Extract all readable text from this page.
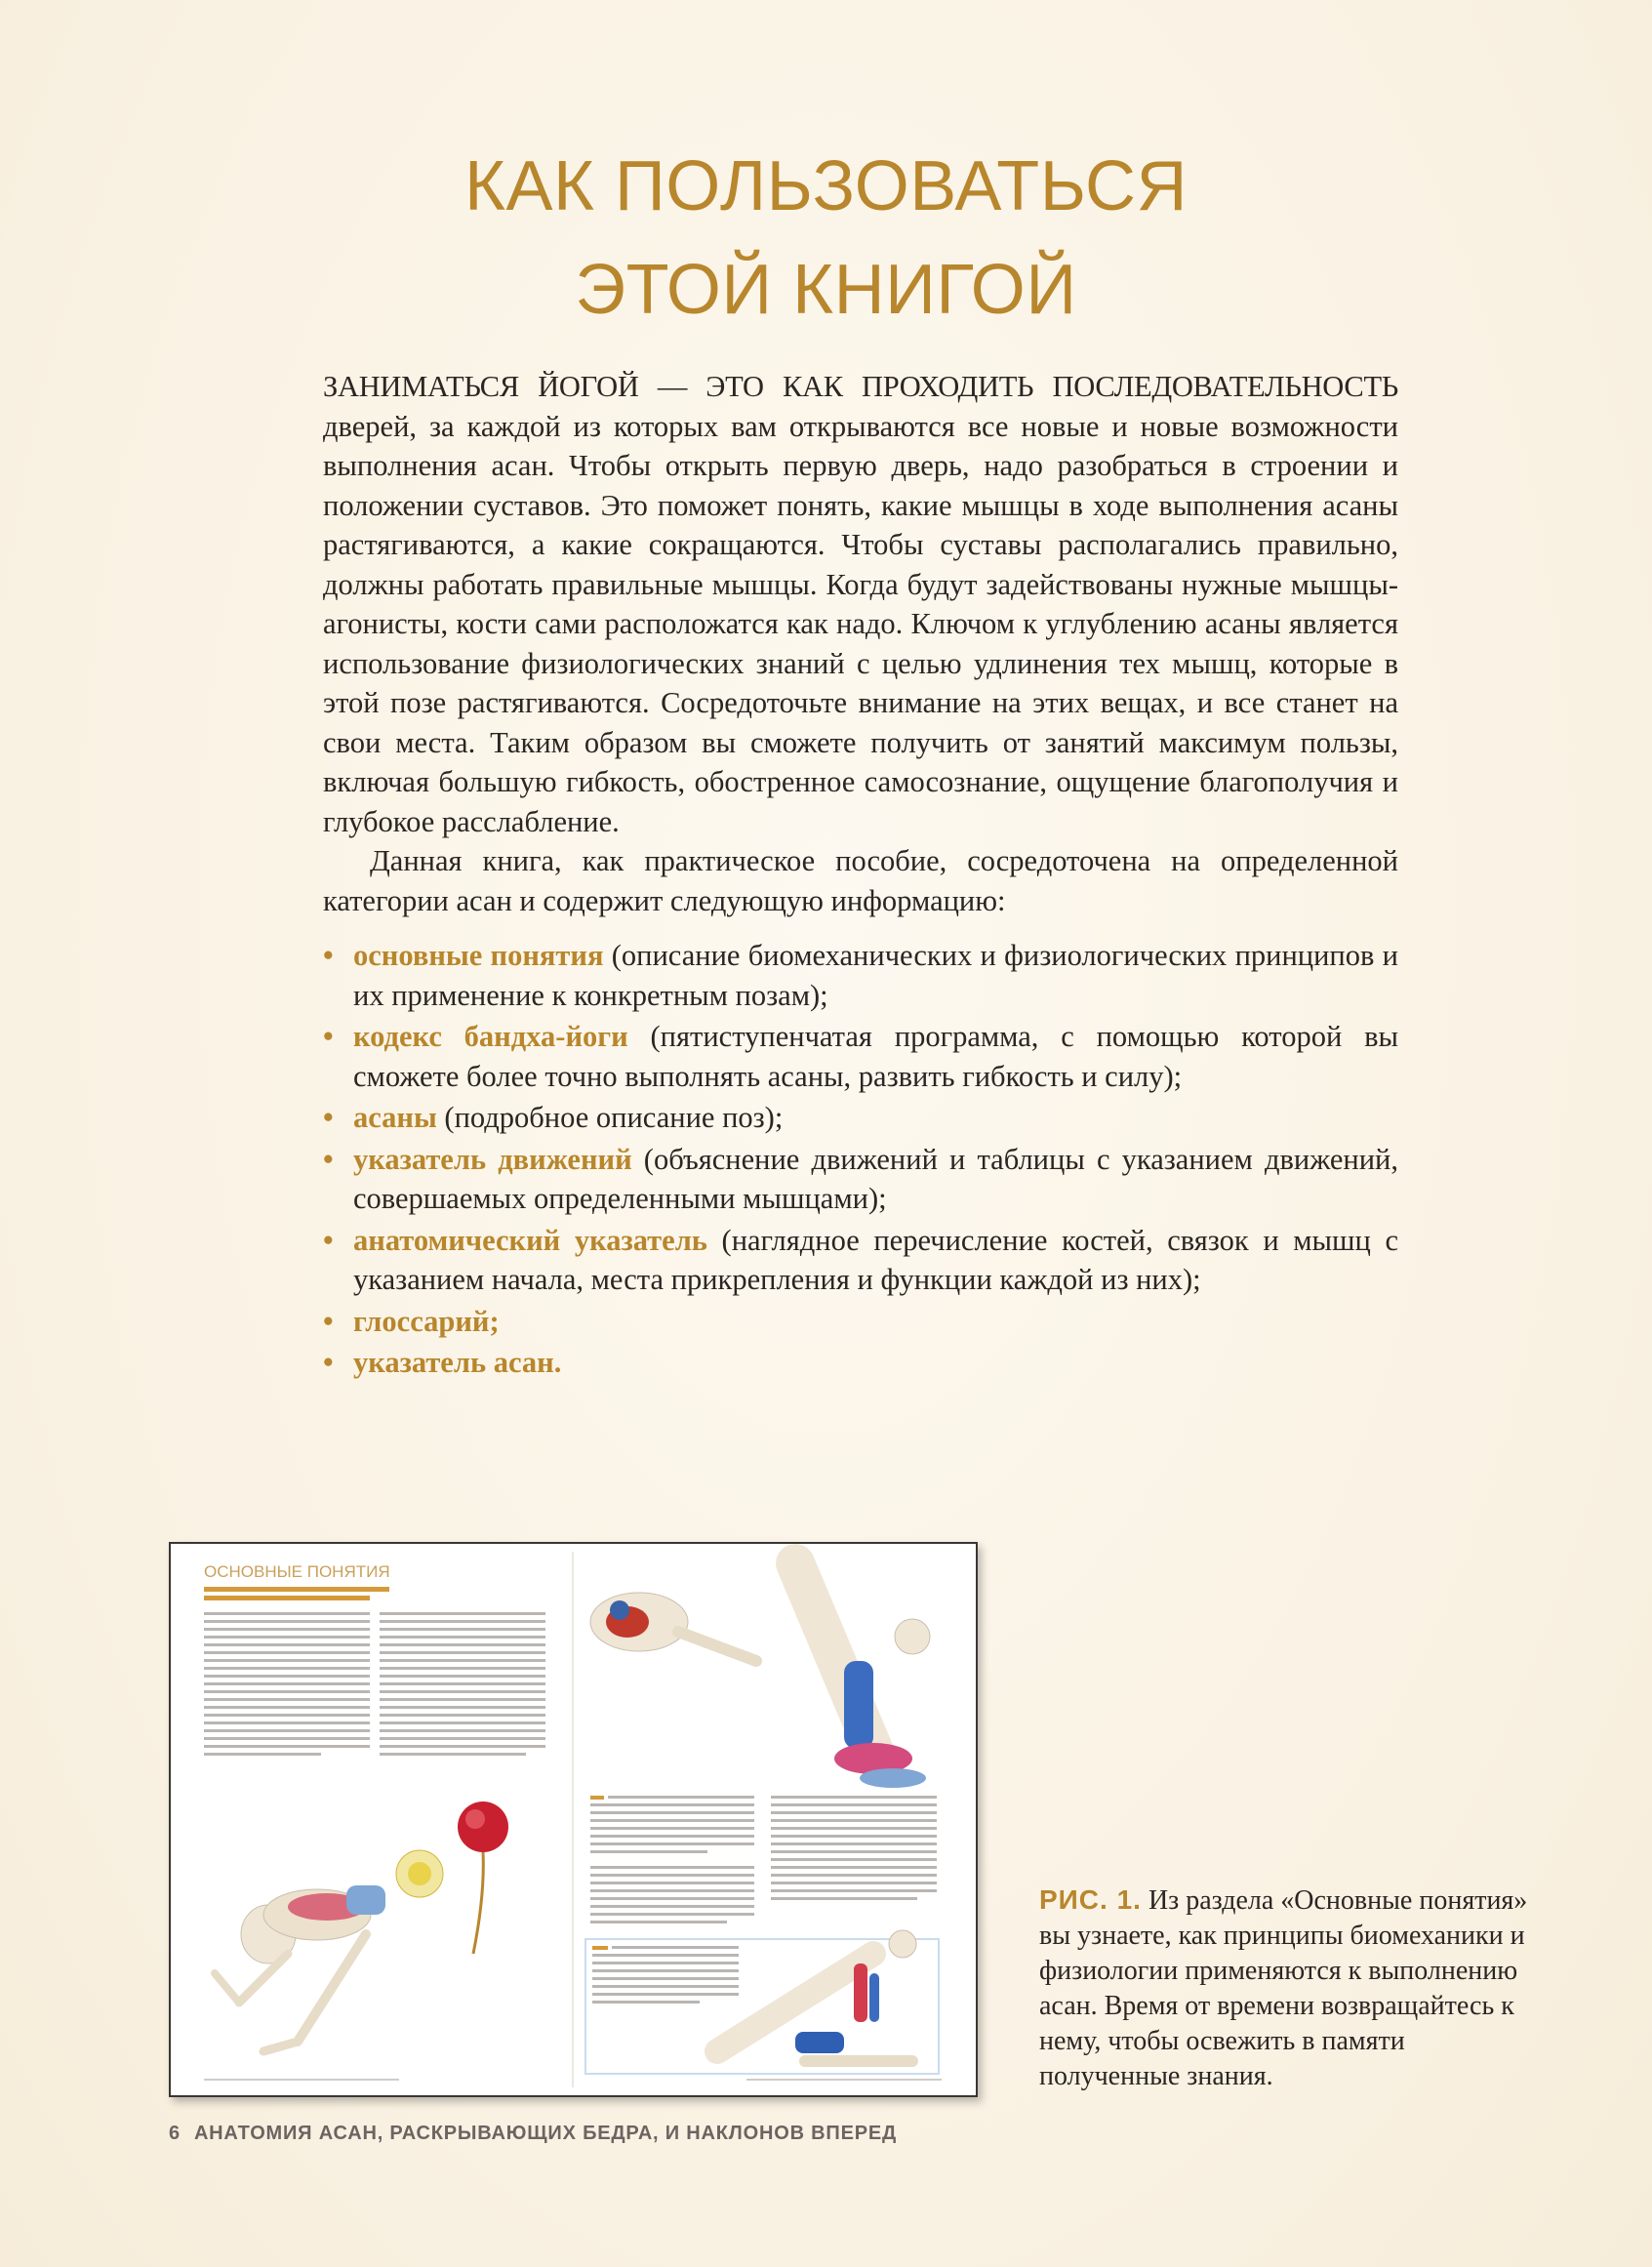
КАК ПОЛЬЗОВАТЬСЯ
ЭТОЙ КНИГОЙ

ЗАНИМАТЬСЯ ЙОГОЙ — ЭТО КАК ПРОХОДИТЬ ПОСЛЕДОВАТЕЛЬНОСТЬ дверей, за каждой из которых вам открываются все новые и новые возможности выполнения асан. Чтобы открыть первую дверь, надо разобраться в строении и положении суставов. Это поможет понять, какие мышцы в ходе выполнения асаны растягиваются, а какие сокращаются. Чтобы суставы располагались правильно, должны работать правильные мышцы. Когда будут задействованы нужные мышцы-агонисты, кости сами расположатся как надо. Ключом к углублению асаны является использование физиологических знаний с целью удлинения тех мышц, которые в этой позе растягиваются. Сосредоточьте внимание на этих вещах, и все станет на свои места. Таким образом вы сможете получить от занятий максимум пользы, включая большую гибкость, обостренное самосознание, ощущение благополучия и глубокое расслабление.

Данная книга, как практическое пособие, сосредоточена на определенной категории асан и содержит следующую информацию:

• основные понятия (описание биомеханических и физиологических принципов и их применение к конкретным позам);
• кодекс бандха-йоги (пятиступенчатая программа, с помощью которой вы сможете более точно выполнять асаны, развить гибкость и силу);
• асаны (подробное описание поз);
• указатель движений (объяснение движений и таблицы с указанием движений, совершаемых определенными мышцами);
• анатомический указатель (наглядное перечисление костей, связок и мышц с указанием начала, места прикрепления и функции каждой из них);
• глоссарий;
• указатель асан.
ОСНОВНЫЕ ПОНЯТИЯ
РИС. 1. Из раздела «Основные понятия» вы узнаете, как принципы биомеханики и физиологии применяются к выполнению асан. Время от времени возвращайтесь к нему, чтобы освежить в памяти полученные знания.
6 АНАТОМИЯ АСАН, РАСКРЫВАЮЩИХ БЕДРА, И НАКЛОНОВ ВПЕРЕД
